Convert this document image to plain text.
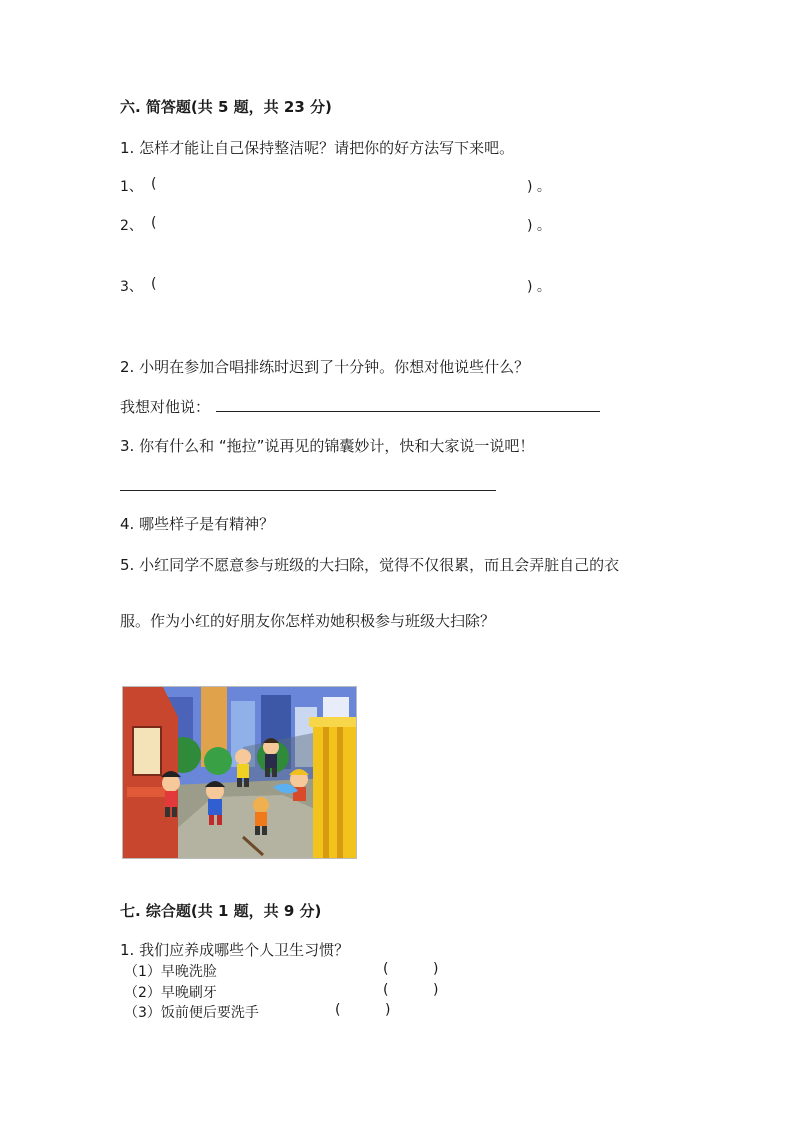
六. 简答题(共 5 题，共 23 分)
1. 怎样才能让自己保持整洁呢？请把你的好方法写下来吧。
1、 (	) 。
2、 (	) 。
3、 (	) 。
2. 小明在参加合唱排练时迟到了十分钟。你想对他说些什么？
我想对他说：
3. 你有什么和 “拖拉”说再见的锦囊妙计，快和大家说一说吧！
4. 哪些样子是有精神？
5. 小红同学不愿意参与班级的大扫除，觉得不仅很累，而且会弄脏自己的衣
服。作为小红的好朋友你怎样劝她积极参与班级大扫除？
七. 综合题(共 1 题，共 9 分)
1. 我们应养成哪些个人卫生习惯？
（1）早晚洗脸	(          )
（2）早晚刷牙	(          )
（3）饭前便后要洗手	(          )
